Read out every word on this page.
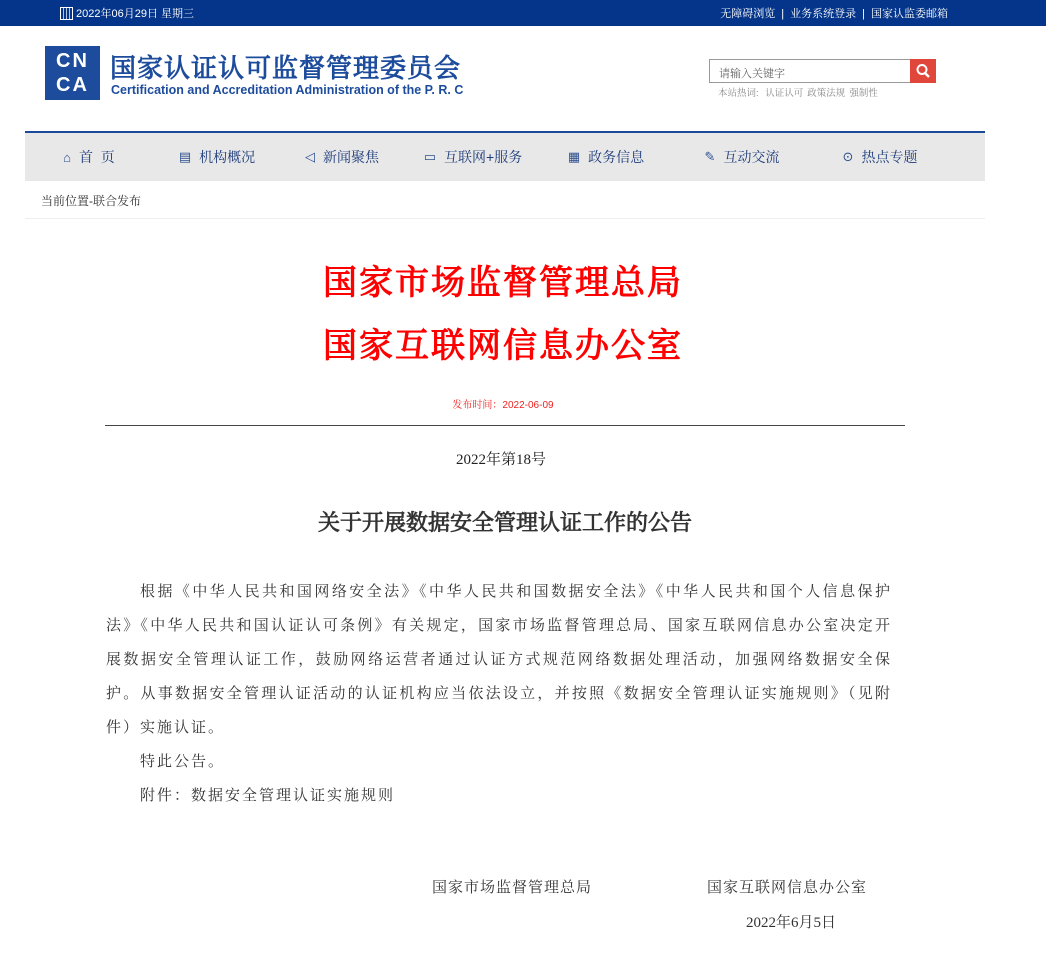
2022年06月29日 星期三	无障碍浏览 | 业务系统登录 | 国家认监委邮箱
CN
CA
国家认证认可监督管理委员会
Certification and Accreditation Administration of the P. R. C
请输入关键字
本站热词: 认证认可 政策法规 强制性
⌂ 首  页	▤ 机构概况	◁ 新闻聚焦	▭ 互联网+服务	▦ 政务信息	✎ 互动交流	⊙ 热点专题
当前位置-联合发布
国家市场监督管理总局
国家互联网信息办公室
发布时间：2022-06-09
2022年第18号
关于开展数据安全管理认证工作的公告

根据《中华人民共和国网络安全法》《中华人民共和国数据安全法》《中华人民共和国个人信息保护法》《中华人民共和国认证认可条例》有关规定，国家市场监督管理总局、国家互联网信息办公室决定开展数据安全管理认证工作，鼓励网络运营者通过认证方式规范网络数据处理活动，加强网络数据安全保护。从事数据安全管理认证活动的认证机构应当依法设立，并按照《数据安全管理认证实施规则》（见附件）实施认证。

特此公告。

附件：数据安全管理认证实施规则

国家市场监督管理总局	国家互联网信息办公室
2022年6月5日
